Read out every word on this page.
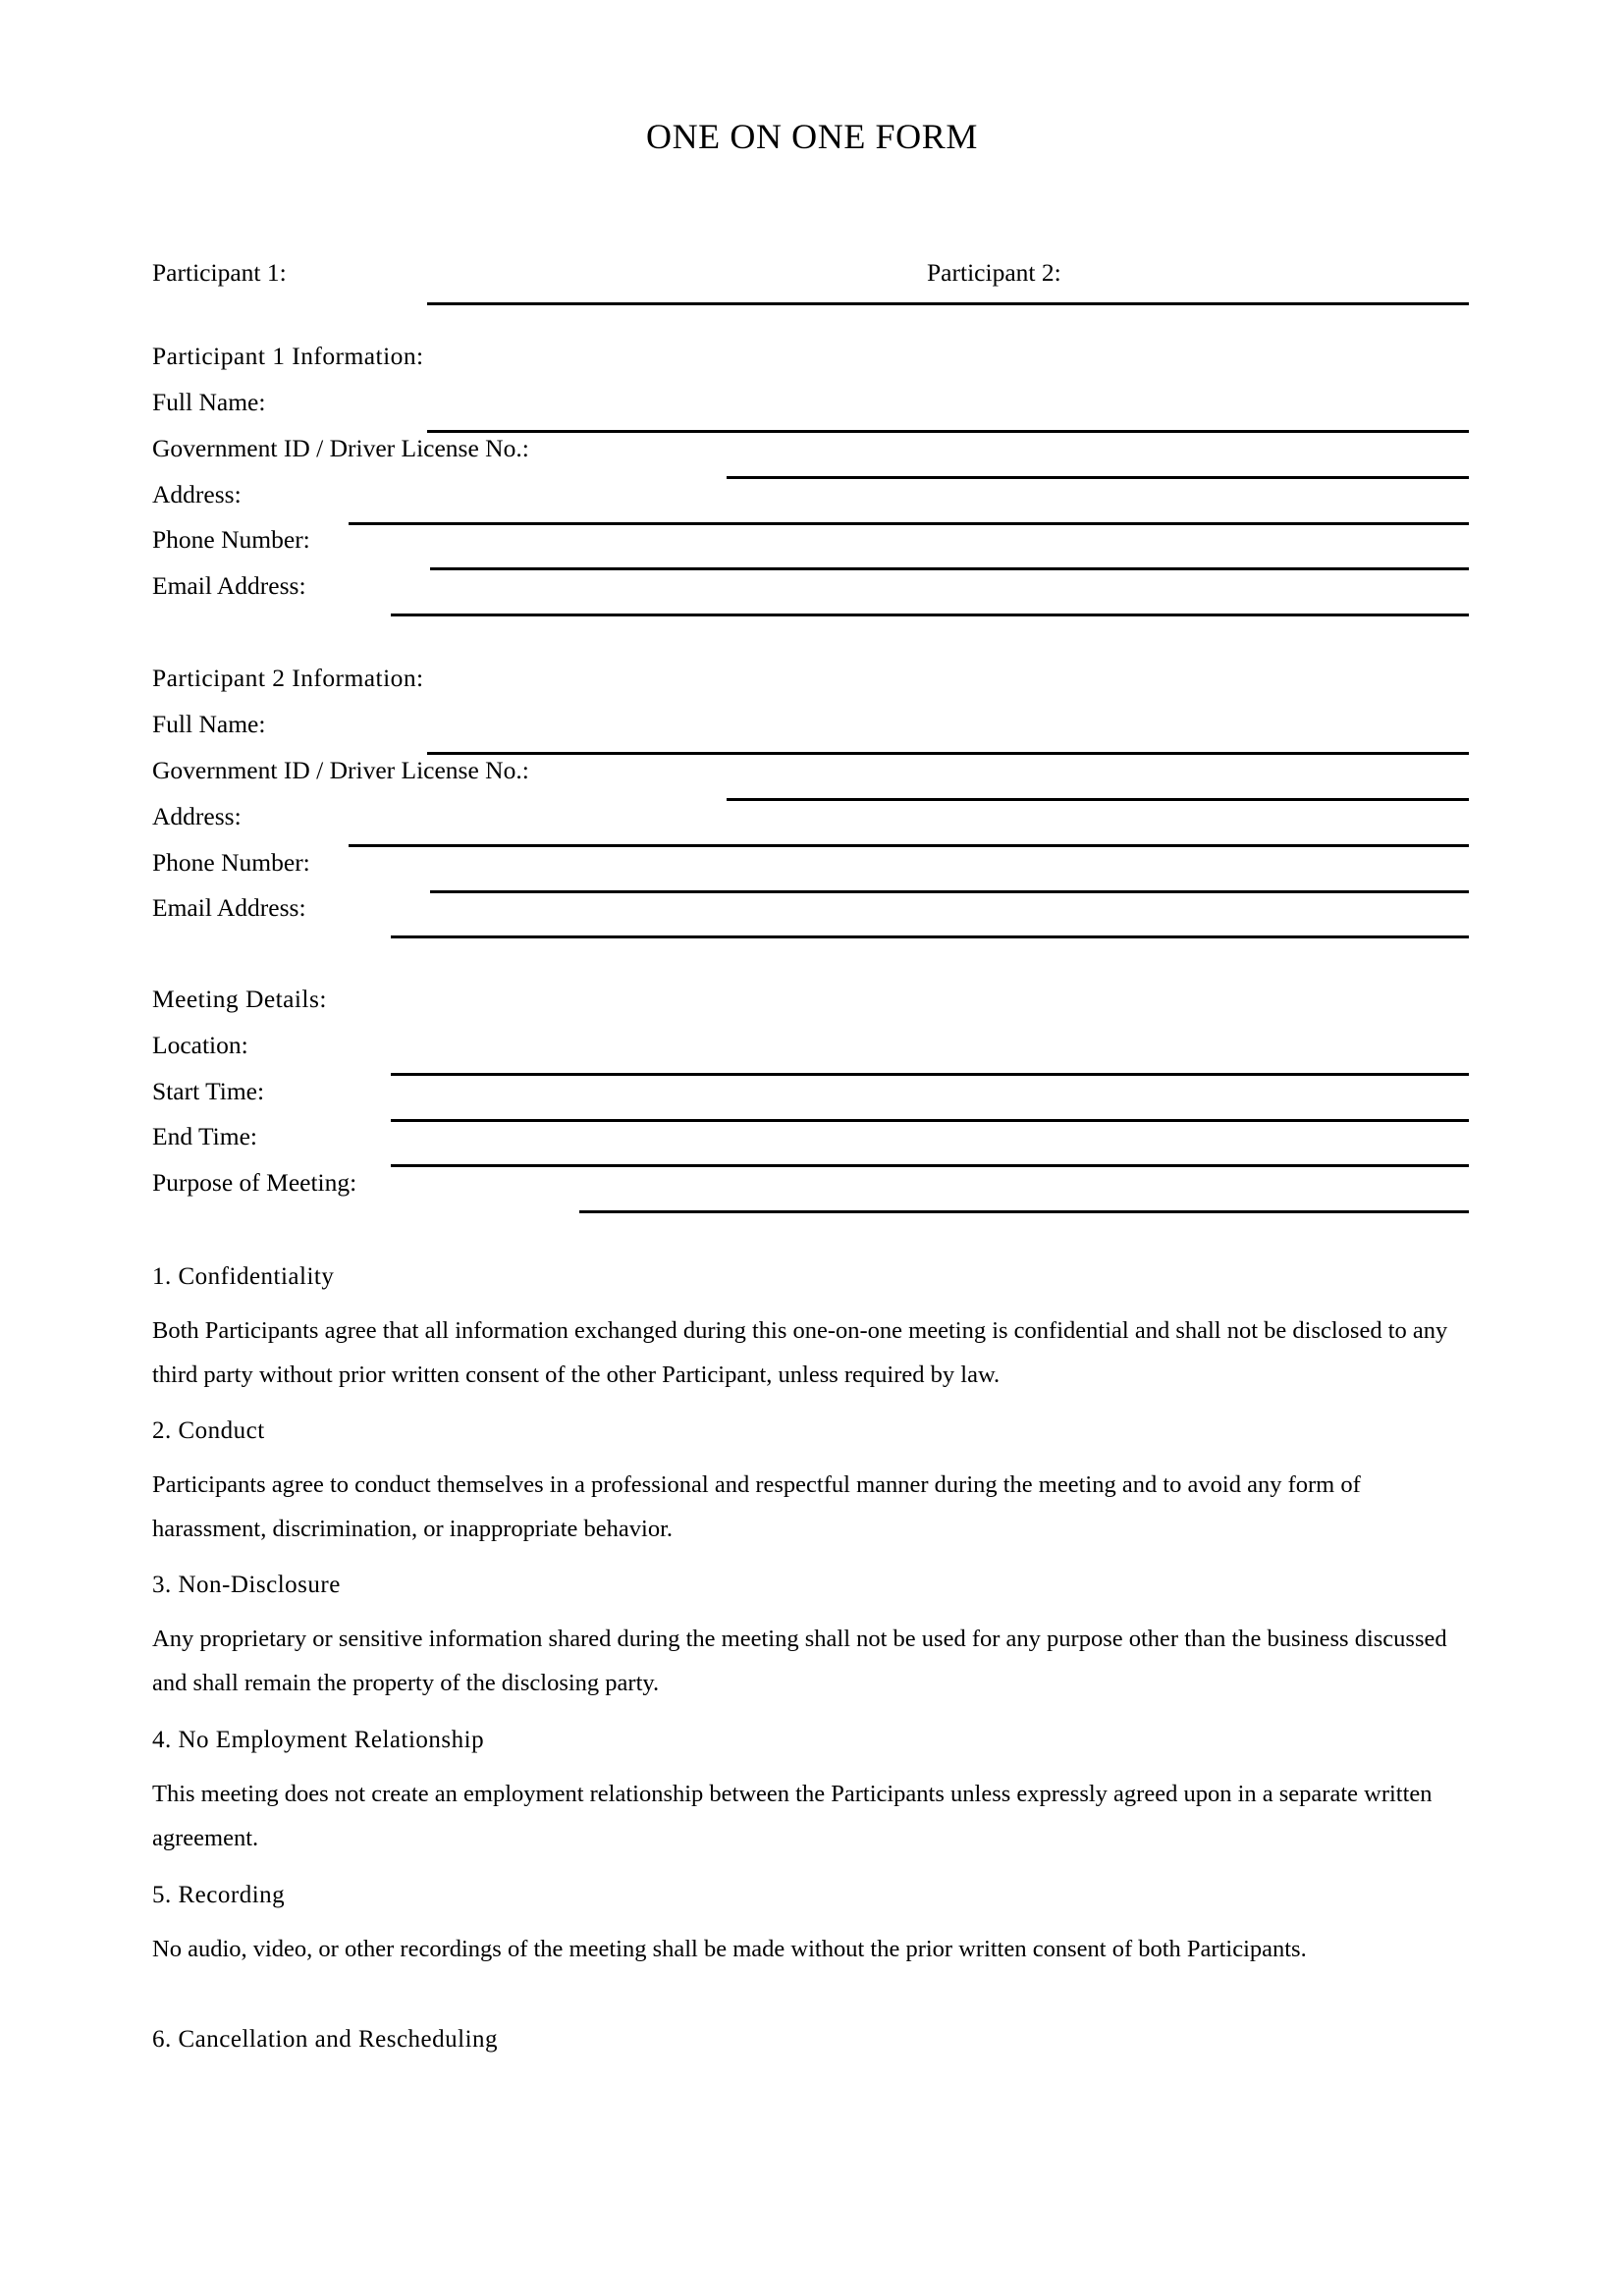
ONE ON ONE FORM
Participant 1:	Participant 2:
Participant 1 Information:
Full Name:
Government ID / Driver License No.:
Address:
Phone Number:
Email Address:
Participant 2 Information:
Full Name:
Government ID / Driver License No.:
Address:
Phone Number:
Email Address:
Meeting Details:
Location:
Start Time:
End Time:
Purpose of Meeting:
1. Confidentiality
Both Participants agree that all information exchanged during this one-on-one meeting is confidential and shall not be disclosed to any third party without prior written consent of the other Participant, unless required by law.
2. Conduct
Participants agree to conduct themselves in a professional and respectful manner during the meeting and to avoid any form of harassment, discrimination, or inappropriate behavior.
3. Non-Disclosure
Any proprietary or sensitive information shared during the meeting shall not be used for any purpose other than the business discussed and shall remain the property of the disclosing party.
4. No Employment Relationship
This meeting does not create an employment relationship between the Participants unless expressly agreed upon in a separate written agreement.
5. Recording
No audio, video, or other recordings of the meeting shall be made without the prior written consent of both Participants.
6. Cancellation and Rescheduling
